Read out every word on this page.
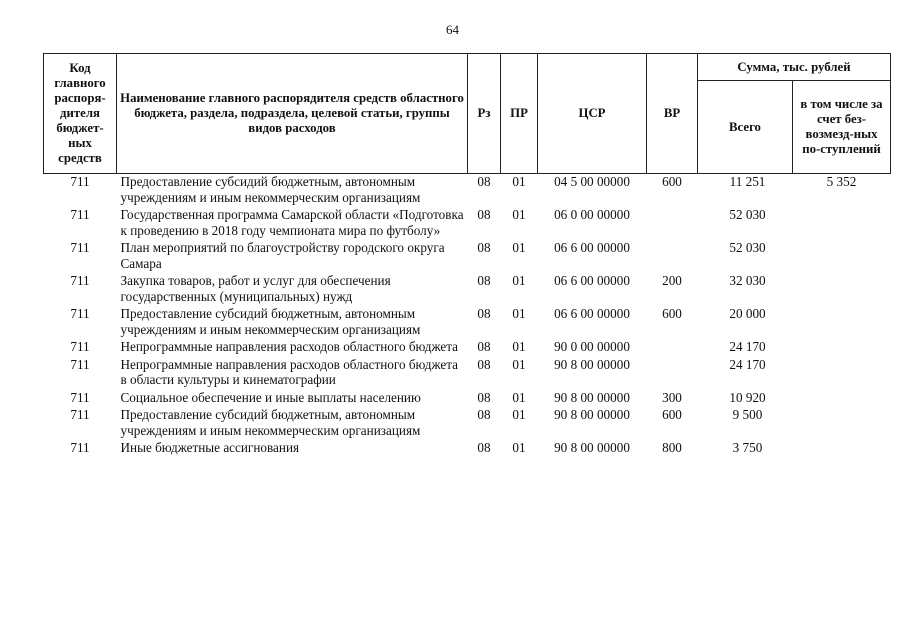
64
Код главного распоря-дителя бюджет-ных средств	Наименование главного распорядителя средств областного бюджета, раздела, подраздела, целевой статьи, группы видов расходов	Рз	ПР	ЦСР	ВР	Сумма, тыс. рублей	
						Всего	в том числе за счет без-возмезд-ных по-ступлений
711	Предоставление субсидий бюджетным, автономным учреждениям и иным некоммерческим организациям	08	01	04 5 00 00000	600	11 251	5 352
711	Государственная программа Самарской области «Подготовка к проведению в 2018 году чемпионата мира по футболу»	08	01	06 0 00 00000		52 030	
711	План мероприятий по благоустройству городского округа Самара	08	01	06 6 00 00000		52 030	
711	Закупка товаров, работ и услуг для обеспечения государственных (муниципальных) нужд	08	01	06 6 00 00000	200	32 030	
711	Предоставление субсидий бюджетным, автономным учреждениям и иным некоммерческим организациям	08	01	06 6 00 00000	600	20 000	
711	Непрограммные направления расходов областного бюджета	08	01	90 0 00 00000		24 170	
711	Непрограммные направления расходов областного бюджета в области культуры и кинематографии	08	01	90 8 00 00000		24 170	
711	Социальное обеспечение и иные выплаты населению	08	01	90 8 00 00000	300	10 920	
711	Предоставление субсидий бюджетным, автономным учреждениям и иным некоммерческим организациям	08	01	90 8 00 00000	600	9 500	
711	Иные бюджетные ассигнования	08	01	90 8 00 00000	800	3 750	
